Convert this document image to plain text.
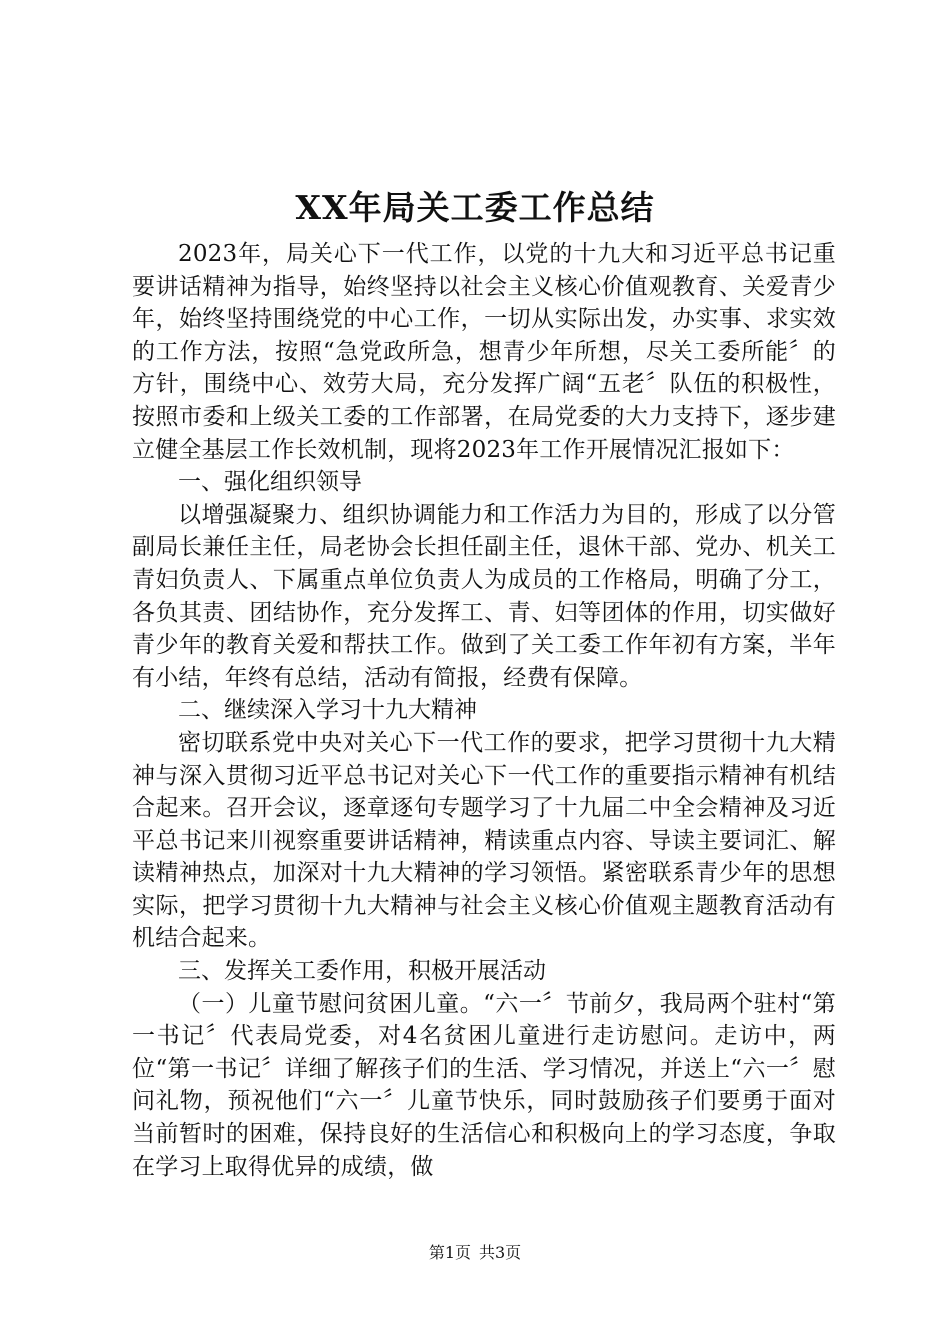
XX年局关工委工作总结

2023年，局关心下一代工作，以党的十九大和习近平总书记重要讲话精神为指导，始终坚持以社会主义核心价值观教育、关爱青少年，始终坚持围绕党的中心工作，一切从实际出发，办实事、求实效的工作方法，按照“急党政所急，想青少年所想，尽关工委所能〞的方针，围绕中心、效劳大局，充分发挥广阔“五老〞队伍的积极性，按照市委和上级关工委的工作部署，在局党委的大力支持下，逐步建立健全基层工作长效机制，现将2023年工作开展情况汇报如下：

一、强化组织领导

以增强凝聚力、组织协调能力和工作活力为目的，形成了以分管副局长兼任主任，局老协会长担任副主任，退休干部、党办、机关工青妇负责人、下属重点单位负责人为成员的工作格局，明确了分工，各负其责、团结协作，充分发挥工、青、妇等团体的作用，切实做好青少年的教育关爱和帮扶工作。做到了关工委工作年初有方案，半年有小结，年终有总结，活动有简报，经费有保障。

二、继续深入学习十九大精神

密切联系党中央对关心下一代工作的要求，把学习贯彻十九大精神与深入贯彻习近平总书记对关心下一代工作的重要指示精神有机结合起来。召开会议，逐章逐句专题学习了十九届二中全会精神及习近平总书记来川视察重要讲话精神，精读重点内容、导读主要词汇、解读精神热点，加深对十九大精神的学习领悟。紧密联系青少年的思想实际，把学习贯彻十九大精神与社会主义核心价值观主题教育活动有机结合起来。

三、发挥关工委作用，积极开展活动

（一）儿童节慰问贫困儿童。“六一〞节前夕，我局两个驻村“第一书记〞代表局党委，对4名贫困儿童进行走访慰问。走访中，两位“第一书记〞详细了解孩子们的生活、学习情况，并送上“六一〞慰问礼物，预祝他们“六一〞儿童节快乐，同时鼓励孩子们要勇于面对当前暂时的困难，保持良好的生活信心和积极向上的学习态度，争取在学习上取得优异的成绩，做

第1页 共3页
